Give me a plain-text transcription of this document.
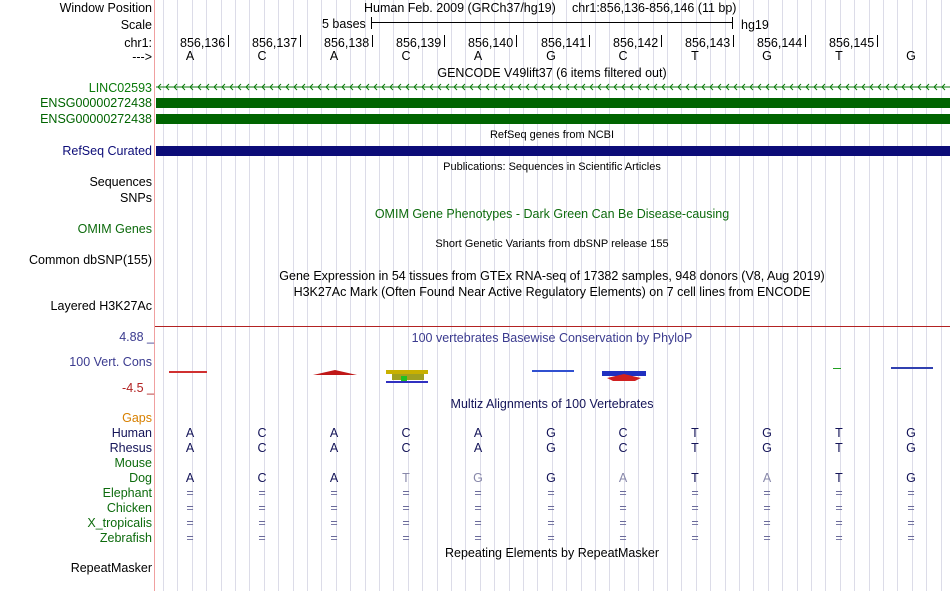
Window Position	Human Feb. 2009 (GRCh37/hg19) chr1:856,136-856,146 (11 bp)
Scale	5 bases	hg19
chr1: 856,136 856,137 856,138 856,139 856,140 856,141 856,142 856,143 856,144 856,145
--->	A	C	A	C	A	G	C	T	G	T	G
GENCODE V49lift37 (6 items filtered out)
LINC02593
ENSG00000272438
ENSG00000272438
RefSeq genes from NCBI
RefSeq Curated
Publications: Sequences in Scientific Articles
Sequences
SNPs
OMIM Gene Phenotypes - Dark Green Can Be Disease-causing
OMIM Genes
Short Genetic Variants from dbSNP release 155
Common dbSNP(155)
Gene Expression in 54 tissues from GTEx RNA-seq of 17382 samples, 948 donors (V8, Aug 2019)
H3K27Ac Mark (Often Found Near Active Regulatory Elements) on 7 cell lines from ENCODE
Layered H3K27Ac
4.88 _	100 vertebrates Basewise Conservation by PhyloP
100 Vert. Cons
-4.5 _
Multiz Alignments of 100 Vertebrates
Gaps
Human	A	C	A	C	A	G	C	T	G	T	G
Rhesus	A	C	A	C	A	G	C	T	G	T	G
Mouse
Dog	A	C	A	T	G	G	A	T	A	T	G
Elephant	=	=	=	=	=	=	=	=	=	=	=
Chicken	=	=	=	=	=	=	=	=	=	=	=
X_tropicalis	=	=	=	=	=	=	=	=	=	=	=
Zebrafish	=	=	=	=	=	=	=	=	=	=	=
Repeating Elements by RepeatMasker
RepeatMasker
